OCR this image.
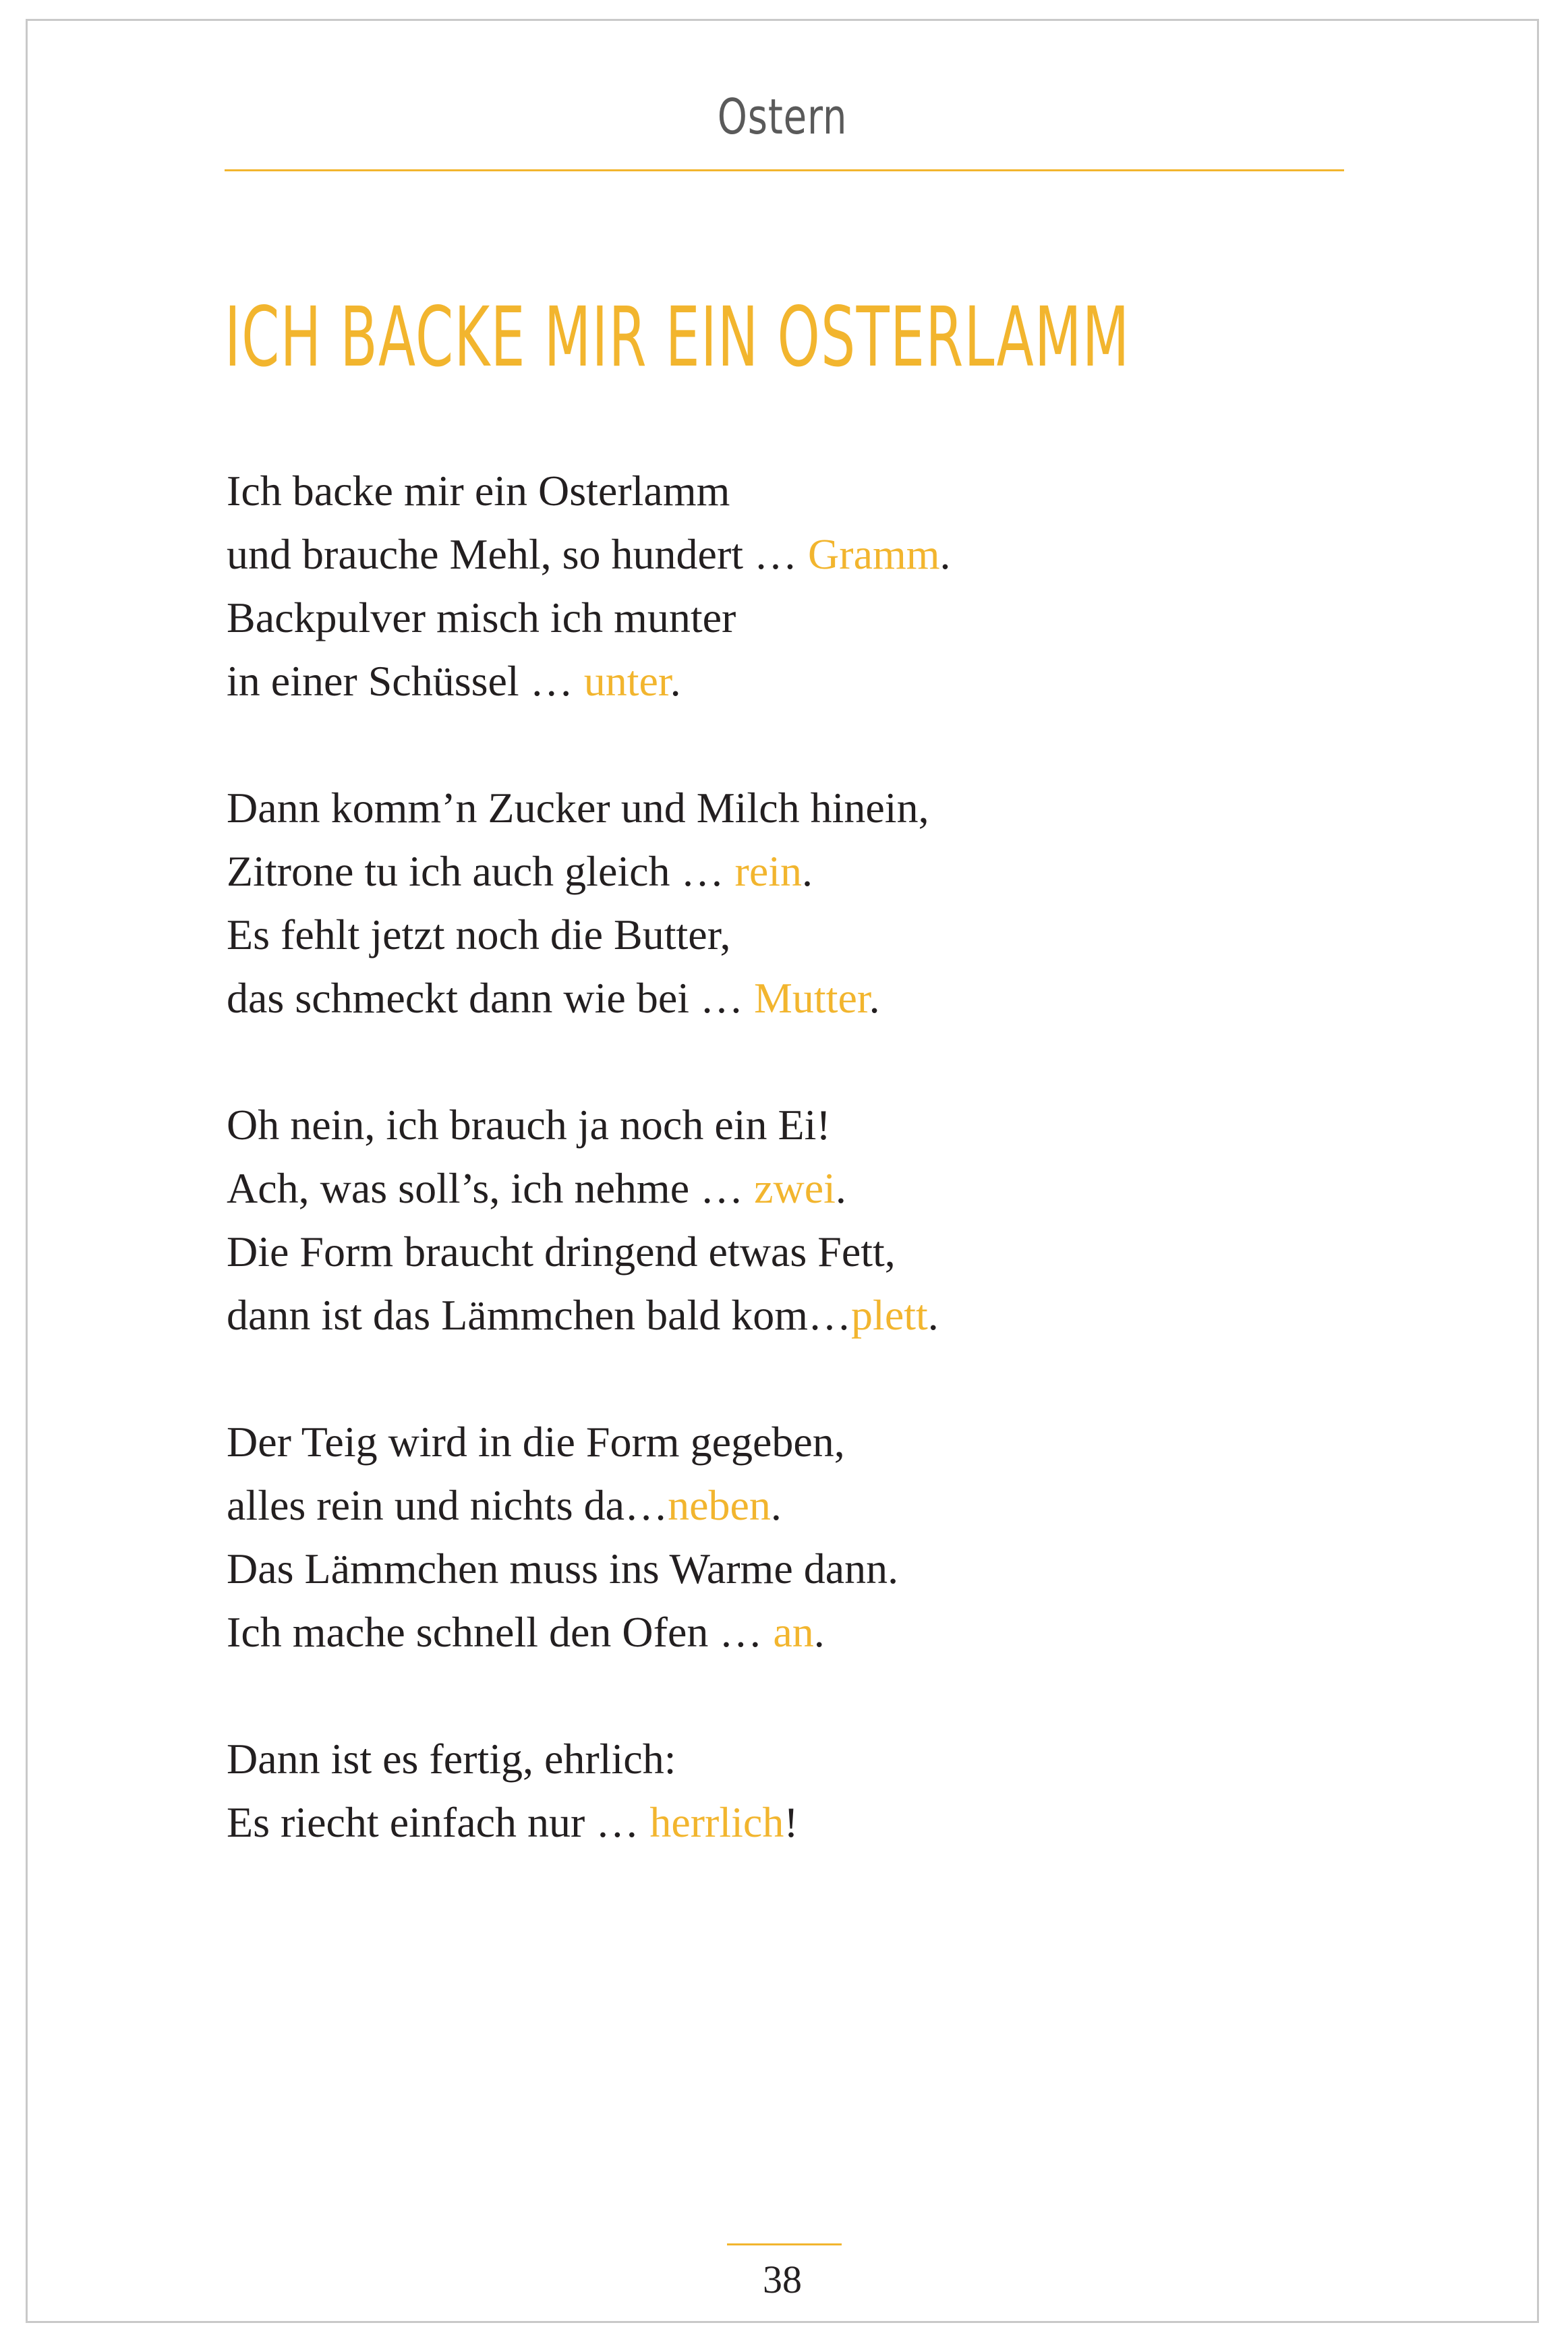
Ostern
ICH BACKE MIR EIN OSTERLAMM
Ich backe mir ein Osterlamm
und brauche Mehl, so hundert … Gramm.
Backpulver misch ich munter
in einer Schüssel … unter.
Dann komm’n Zucker und Milch hinein,
Zitrone tu ich auch gleich … rein.
Es fehlt jetzt noch die Butter,
das schmeckt dann wie bei … Mutter.
Oh nein, ich brauch ja noch ein Ei!
Ach, was soll’s, ich nehme … zwei.
Die Form braucht dringend etwas Fett,
dann ist das Lämmchen bald kom…plett.
Der Teig wird in die Form gegeben,
alles rein und nichts da…neben.
Das Lämmchen muss ins Warme dann.
Ich mache schnell den Ofen … an.
Dann ist es fertig, ehrlich:
Es riecht einfach nur … herrlich!
38
